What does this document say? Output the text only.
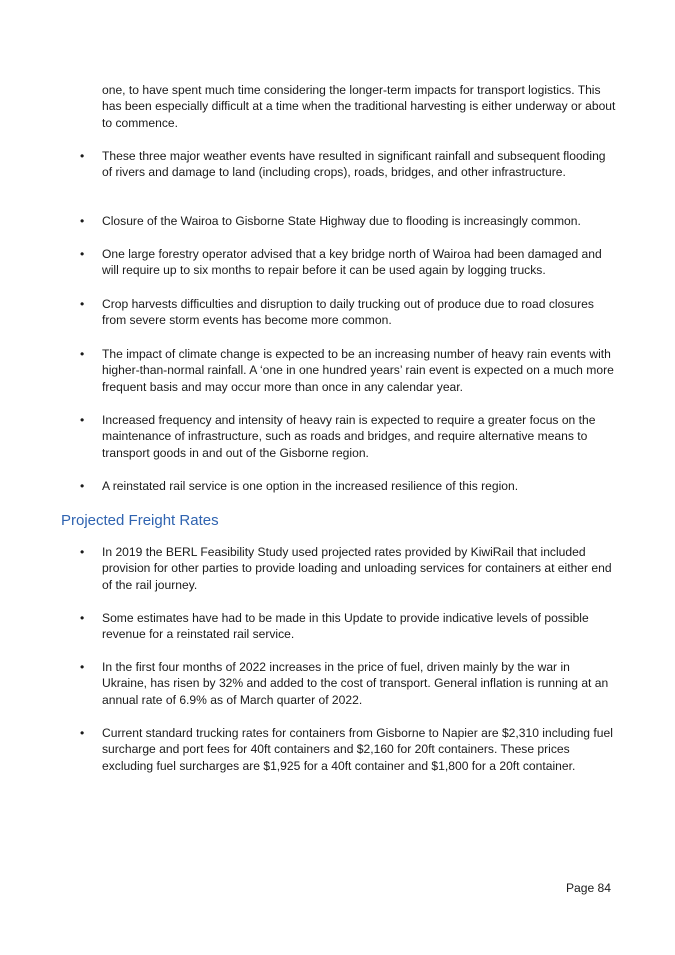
one, to have spent much time considering the longer-term impacts for transport logistics. This has been especially difficult at a time when the traditional harvesting is either underway or about to commence.

• These three major weather events have resulted in significant rainfall and subsequent flooding of rivers and damage to land (including crops), roads, bridges, and other infrastructure.

• Closure of the Wairoa to Gisborne State Highway due to flooding is increasingly common.

• One large forestry operator advised that a key bridge north of Wairoa had been damaged and will require up to six months to repair before it can be used again by logging trucks.

• Crop harvests difficulties and disruption to daily trucking out of produce due to road closures from severe storm events has become more common.

• The impact of climate change is expected to be an increasing number of heavy rain events with higher-than-normal rainfall. A ‘one in one hundred years’ rain event is expected on a much more frequent basis and may occur more than once in any calendar year.

• Increased frequency and intensity of heavy rain is expected to require a greater focus on the maintenance of infrastructure, such as roads and bridges, and require alternative means to transport goods in and out of the Gisborne region.

• A reinstated rail service is one option in the increased resilience of this region.

Projected Freight Rates
• In 2019 the BERL Feasibility Study used projected rates provided by KiwiRail that included provision for other parties to provide loading and unloading services for containers at either end of the rail journey.

• Some estimates have had to be made in this Update to provide indicative levels of possible revenue for a reinstated rail service.

• In the first four months of 2022 increases in the price of fuel, driven mainly by the war in Ukraine, has risen by 32% and added to the cost of transport. General inflation is running at an annual rate of 6.9% as of March quarter of 2022.

• Current standard trucking rates for containers from Gisborne to Napier are $2,310 including fuel surcharge and port fees for 40ft containers and $2,160 for 20ft containers. These prices excluding fuel surcharges are $1,925 for a 40ft container and $1,800 for a 20ft container.

Page 84
